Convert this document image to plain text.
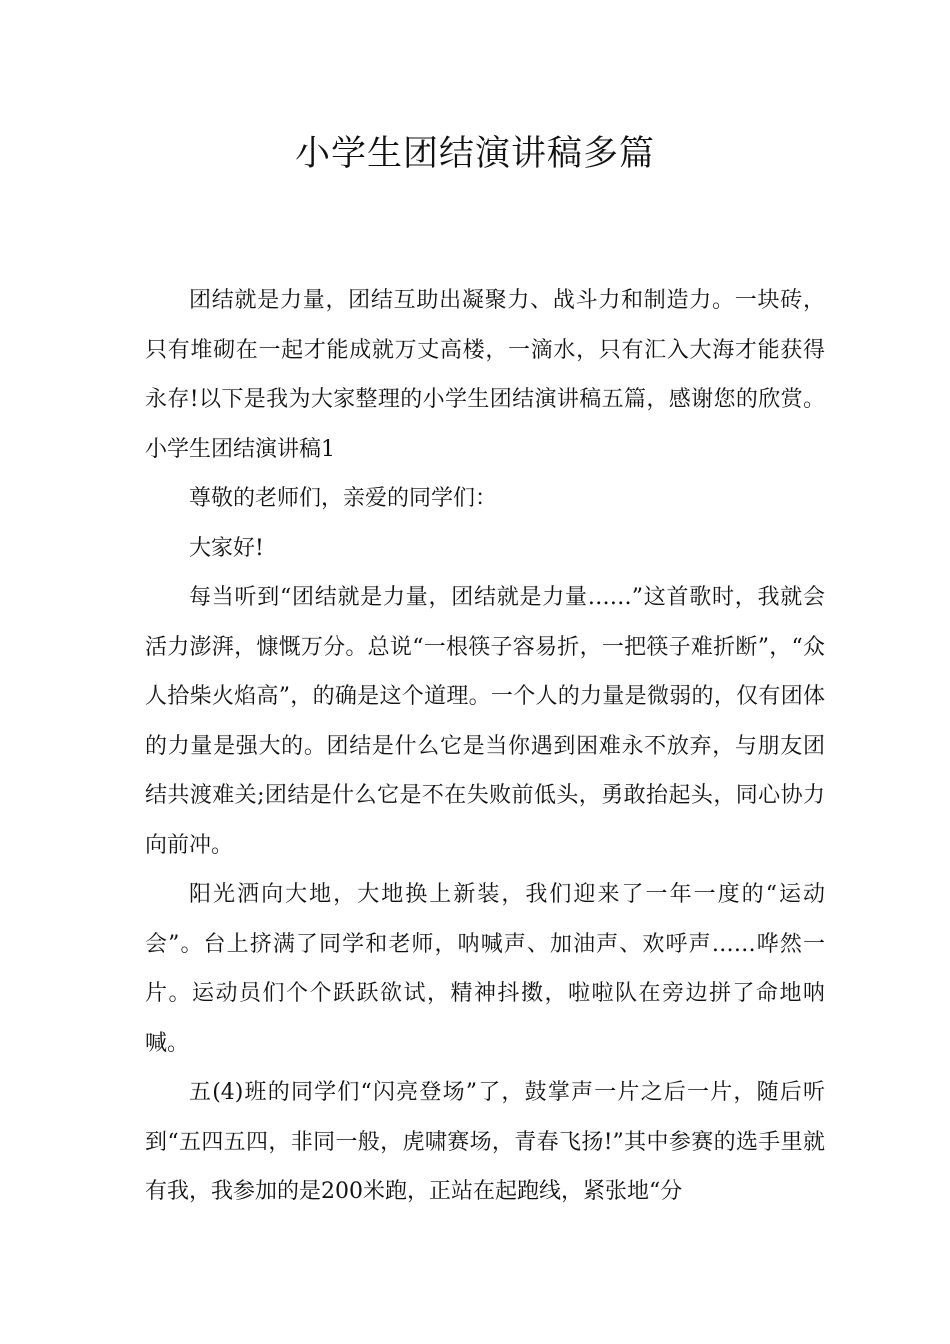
小学生团结演讲稿多篇

团结就是力量，团结互助出凝聚力、战斗力和制造力。一块砖，只有堆砌在一起才能成就万丈高楼，一滴水，只有汇入大海才能获得永存!以下是我为大家整理的小学生团结演讲稿五篇，感谢您的欣赏。小学生团结演讲稿1

尊敬的老师们，亲爱的同学们：

大家好!

每当听到“团结就是力量，团结就是力量……”这首歌时，我就会活力澎湃，慷慨万分。总说“一根筷子容易折，一把筷子难折断”，“众人拾柴火焰高”，的确是这个道理。一个人的力量是微弱的，仅有团体的力量是强大的。团结是什么它是当你遇到困难永不放弃，与朋友团结共渡难关;团结是什么它是不在失败前低头，勇敢抬起头，同心协力向前冲。

阳光洒向大地，大地换上新装，我们迎来了一年一度的“运动会”。台上挤满了同学和老师，呐喊声、加油声、欢呼声……哗然一片。运动员们个个跃跃欲试，精神抖擞，啦啦队在旁边拼了命地呐喊。

五(4)班的同学们“闪亮登场”了，鼓掌声一片之后一片，随后听到“五四五四，非同一般，虎啸赛场，青春飞扬!”其中参赛的选手里就有我，我参加的是200米跑，正站在起跑线，紧张地“分
